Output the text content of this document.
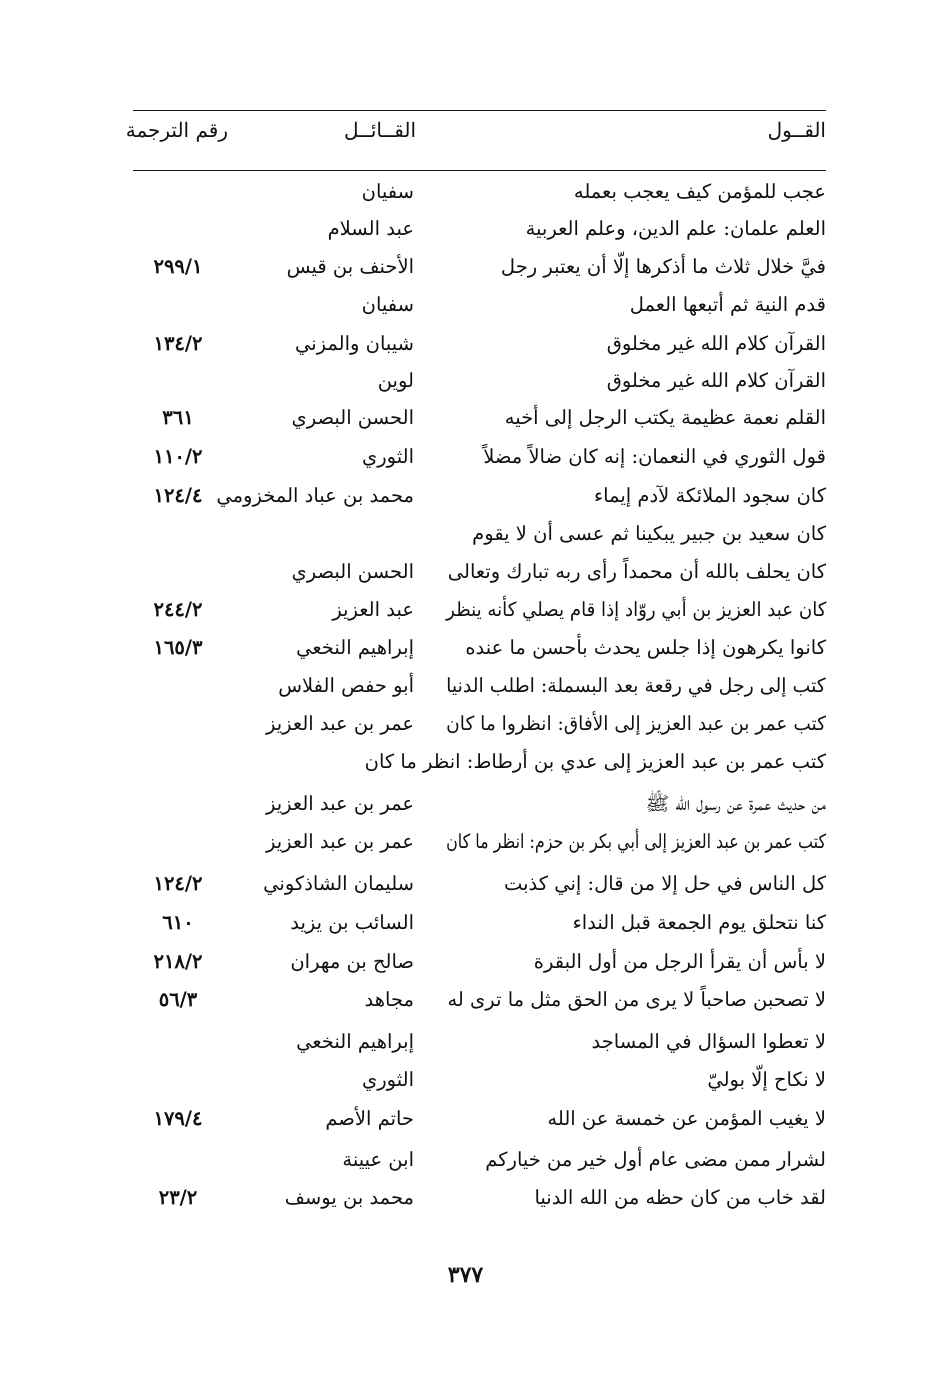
القــول
القــائــل
رقم الترجمة
عجب للمؤمن كيف يعجب بعمله
سفيان
العلم علمان: علم الدين، وعلم العربية
عبد السلام
فيَّ خلال ثلاث ما أذكرها إلّا أن يعتبر رجل
الأحنف بن قيس
٢٩٩/١
قدم النية ثم أتبعها العمل
سفيان
القرآن كلام الله غير مخلوق
شيبان والمزني
١٣٤/٢
القرآن كلام الله غير مخلوق
لوين
القلم نعمة عظيمة يكتب الرجل إلى أخيه
الحسن البصري
٣٦١
قول الثوري في النعمان: إنه كان ضالاً مضلاً
الثوري
١١٠/٢
كان سجود الملائكة لآدم إيماء
محمد بن عباد المخزومي
١٢٤/٤
كان سعيد بن جبير يبكينا ثم عسى أن لا يقوم
كان يحلف بالله أن محمداً رأى ربه تبارك وتعالى
الحسن البصري
كان عبد العزيز بن أبي روّاد إذا قام يصلي كأنه ينظر
عبد العزيز
٢٤٤/٢
كانوا يكرهون إذا جلس يحدث بأحسن ما عنده
إبراهيم النخعي
١٦٥/٣
كتب إلى رجل في رقعة بعد البسملة: اطلب الدنيا
أبو حفص الفلاس
كتب عمر بن عبد العزيز إلى الأفاق: انظروا ما كان
عمر بن عبد العزيز
كتب عمر بن عبد العزيز إلى عدي بن أرطاط: انظر ما كان
من حديث عمرة عن رسول الله ﷺ
عمر بن عبد العزيز
كتب عمر بن عبد العزيز إلى أبي بكر بن حزم: انظر ما كان
عمر بن عبد العزيز
كل الناس في حل إلا من قال: إني كذبت
سليمان الشاذكوني
١٢٤/٢
كنا نتحلق يوم الجمعة قبل النداء
السائب بن يزيد
٦١٠
لا بأس أن يقرأ الرجل من أول البقرة
صالح بن مهران
٢١٨/٢
لا تصحبن صاحباً لا يرى من الحق مثل ما ترى له
مجاهد
٥٦/٣
لا تعطوا السؤال في المساجد
إبراهيم النخعي
لا نكاح إلّا بوليّ
الثوري
لا يغيب المؤمن عن خمسة عن الله
حاتم الأصم
١٧٩/٤
لشرار ممن مضى عام أول خير من خياركم
ابن عيينة
لقد خاب من كان حظه من الله الدنيا
محمد بن يوسف
٢٣/٢
٣٧٧
